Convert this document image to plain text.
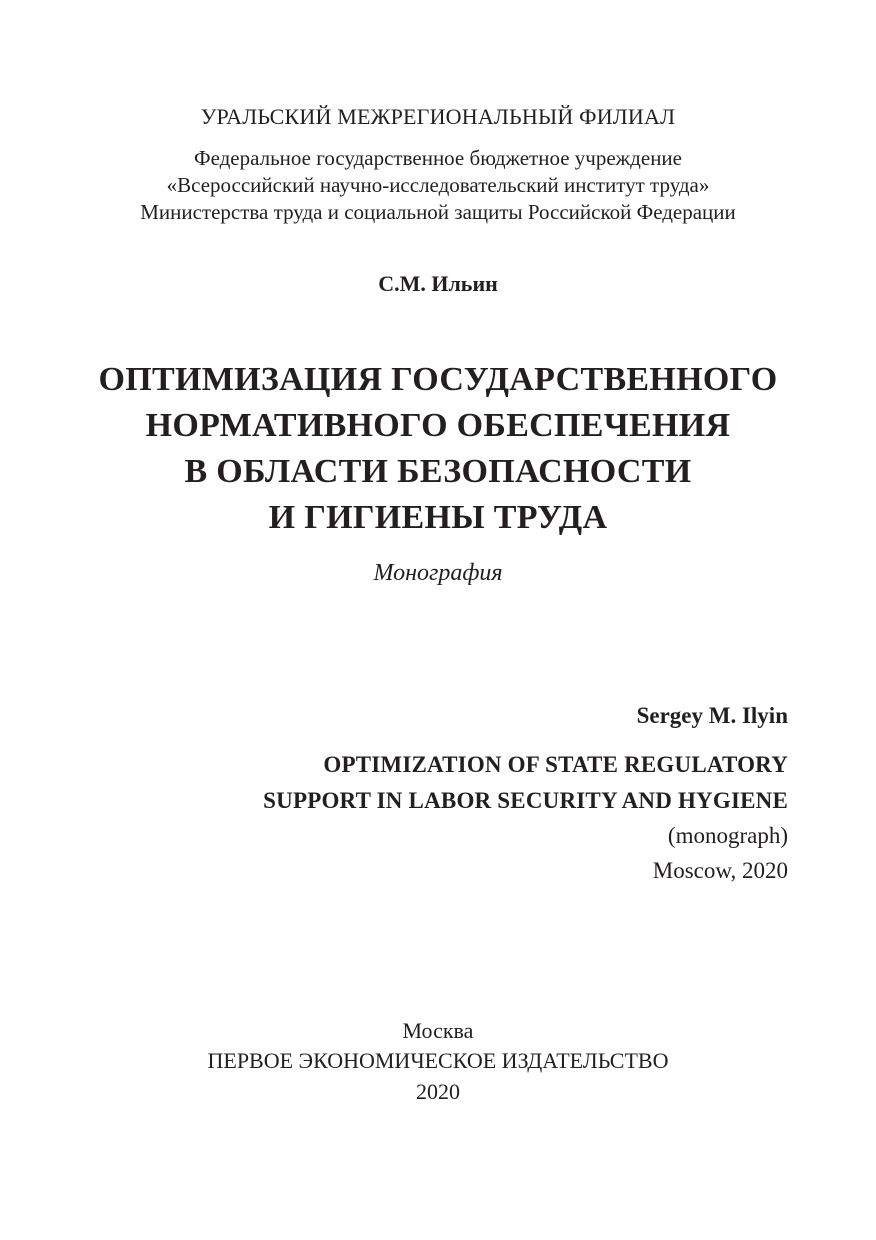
УРАЛЬСКИЙ МЕЖРЕГИОНАЛЬНЫЙ ФИЛИАЛ

Федеральное государственное бюджетное учреждение

«Всероссийский научно-исследовательский институт труда»

Министерства труда и социальной защиты Российской Федерации

С.М. Ильин

ОПТИМИЗАЦИЯ ГОСУДАРСТВЕННОГО

НОРМАТИВНОГО ОБЕСПЕЧЕНИЯ

В ОБЛАСТИ БЕЗОПАСНОСТИ

И ГИГИЕНЫ ТРУДА

Монография

Sergey M. Ilyin

OPTIMIZATION OF STATE REGULATORY

SUPPORT IN LABOR SECURITY AND HYGIENE

(monograph)

Moscow, 2020

Москва

ПЕРВОЕ ЭКОНОМИЧЕСКОЕ ИЗДАТЕЛЬСТВО

2020
